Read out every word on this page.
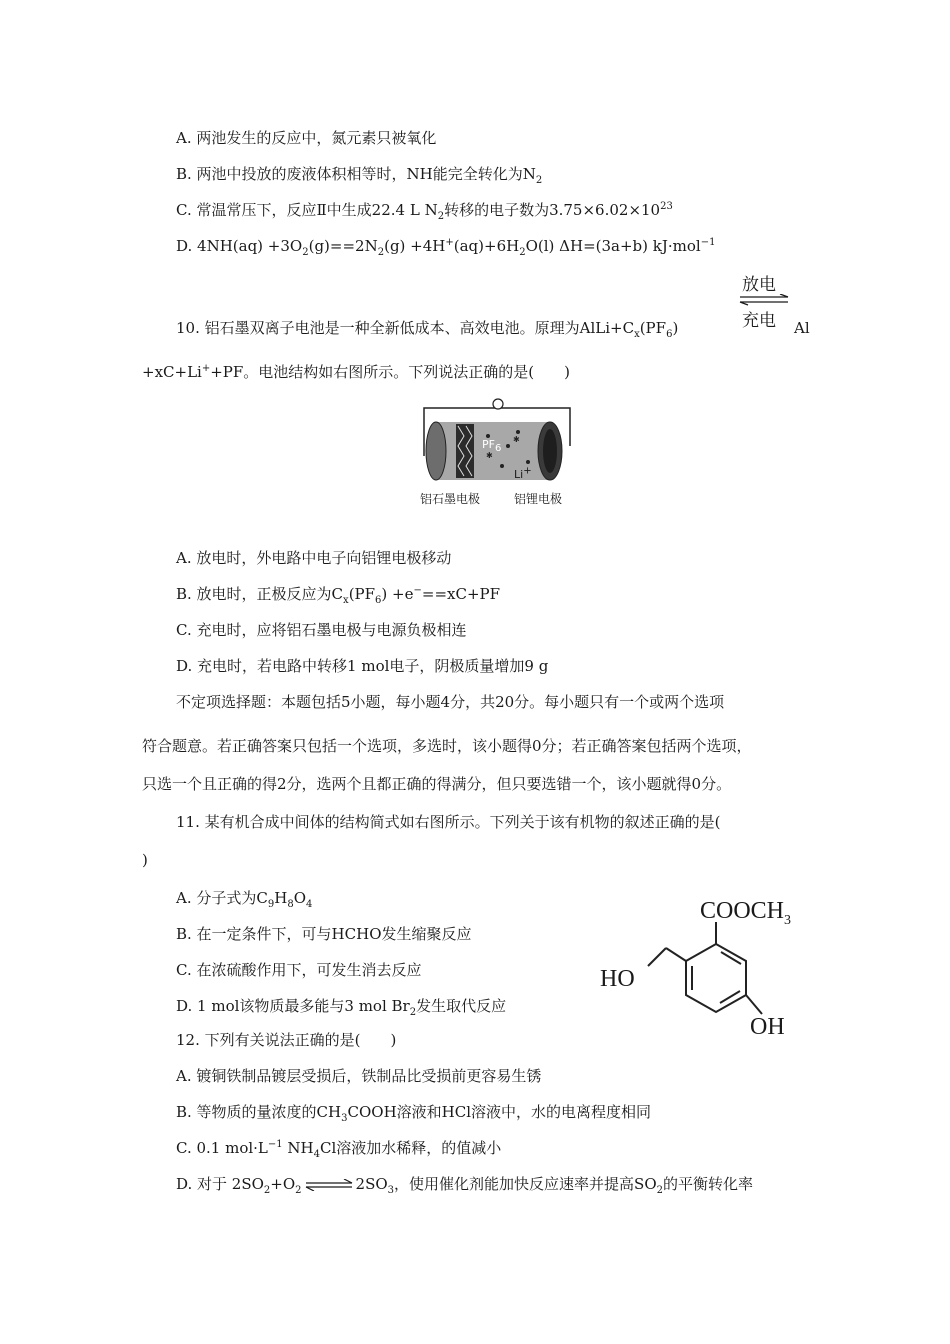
A. 两池发生的反应中，氮元素只被氧化
B. 两池中投放的废液体积相等时，NH能完全转化为$N_2$
C. 常温常压下，反应Ⅱ中生成22.4 L $N_2$转移的电子数为$3.75\times 6.02\times 10^{23}$
D. $4NH(aq) +3O_2(g)==2N_2(g) +4H^+(aq)+6H_2O(l)$ ΔH=(3a+b) kJ·mol$^{-1}$
10. 铝石墨双离子电池是一种全新低成本、高效电池。原理为$AlLi+C_x(PF_6)$
放电
充电 Al
+xC+Li++PF。电池结构如右图所示。下列说法正确的是(　　)
✱
✱
$PF_6$
Li+
铝石墨电极	铝锂电极
A. 放电时，外电路中电子向铝锂电极移动
B. 放电时，正极反应为$C_x(PF_6) +e^-==xC+PF$
C. 充电时，应将铝石墨电极与电源负极相连
D. 充电时，若电路中转移1 mol电子，阴极质量增加9 g
不定项选择题：本题包括5小题，每小题4分，共20分。每小题只有一个或两个选项
符合题意。若正确答案只包括一个选项，多选时，该小题得0分；若正确答案包括两个选项，
只选一个且正确的得2分，选两个且都正确的得满分，但只要选错一个，该小题就得0分。
11. 某有机合成中间体的结构简式如右图所示。下列关于该有机物的叙述正确的是(
)
A. 分子式为$C_9H_8O_4$
B. 在一定条件下，可与HCHO发生缩聚反应
C. 在浓硫酸作用下，可发生消去反应
D. 1 mol该物质最多能与3 mol $Br_2$发生取代反应
$COOCH_3$
HO
OH
12. 下列有关说法正确的是(　　)
A. 镀铜铁制品镀层受损后，铁制品比受损前更容易生锈
B. 等物质的量浓度的$CH_3COOH$溶液和HCl溶液中，水的电离程度相同
C. 0.1 $mol\cdot L^{-1}$ $NH_4Cl$溶液加水稀释，的值减小
D. 对于 $2SO_2+O_2$ ⇌ $2SO_3$，使用催化剂能加快反应速率并提高$SO_2$的平衡转化率
